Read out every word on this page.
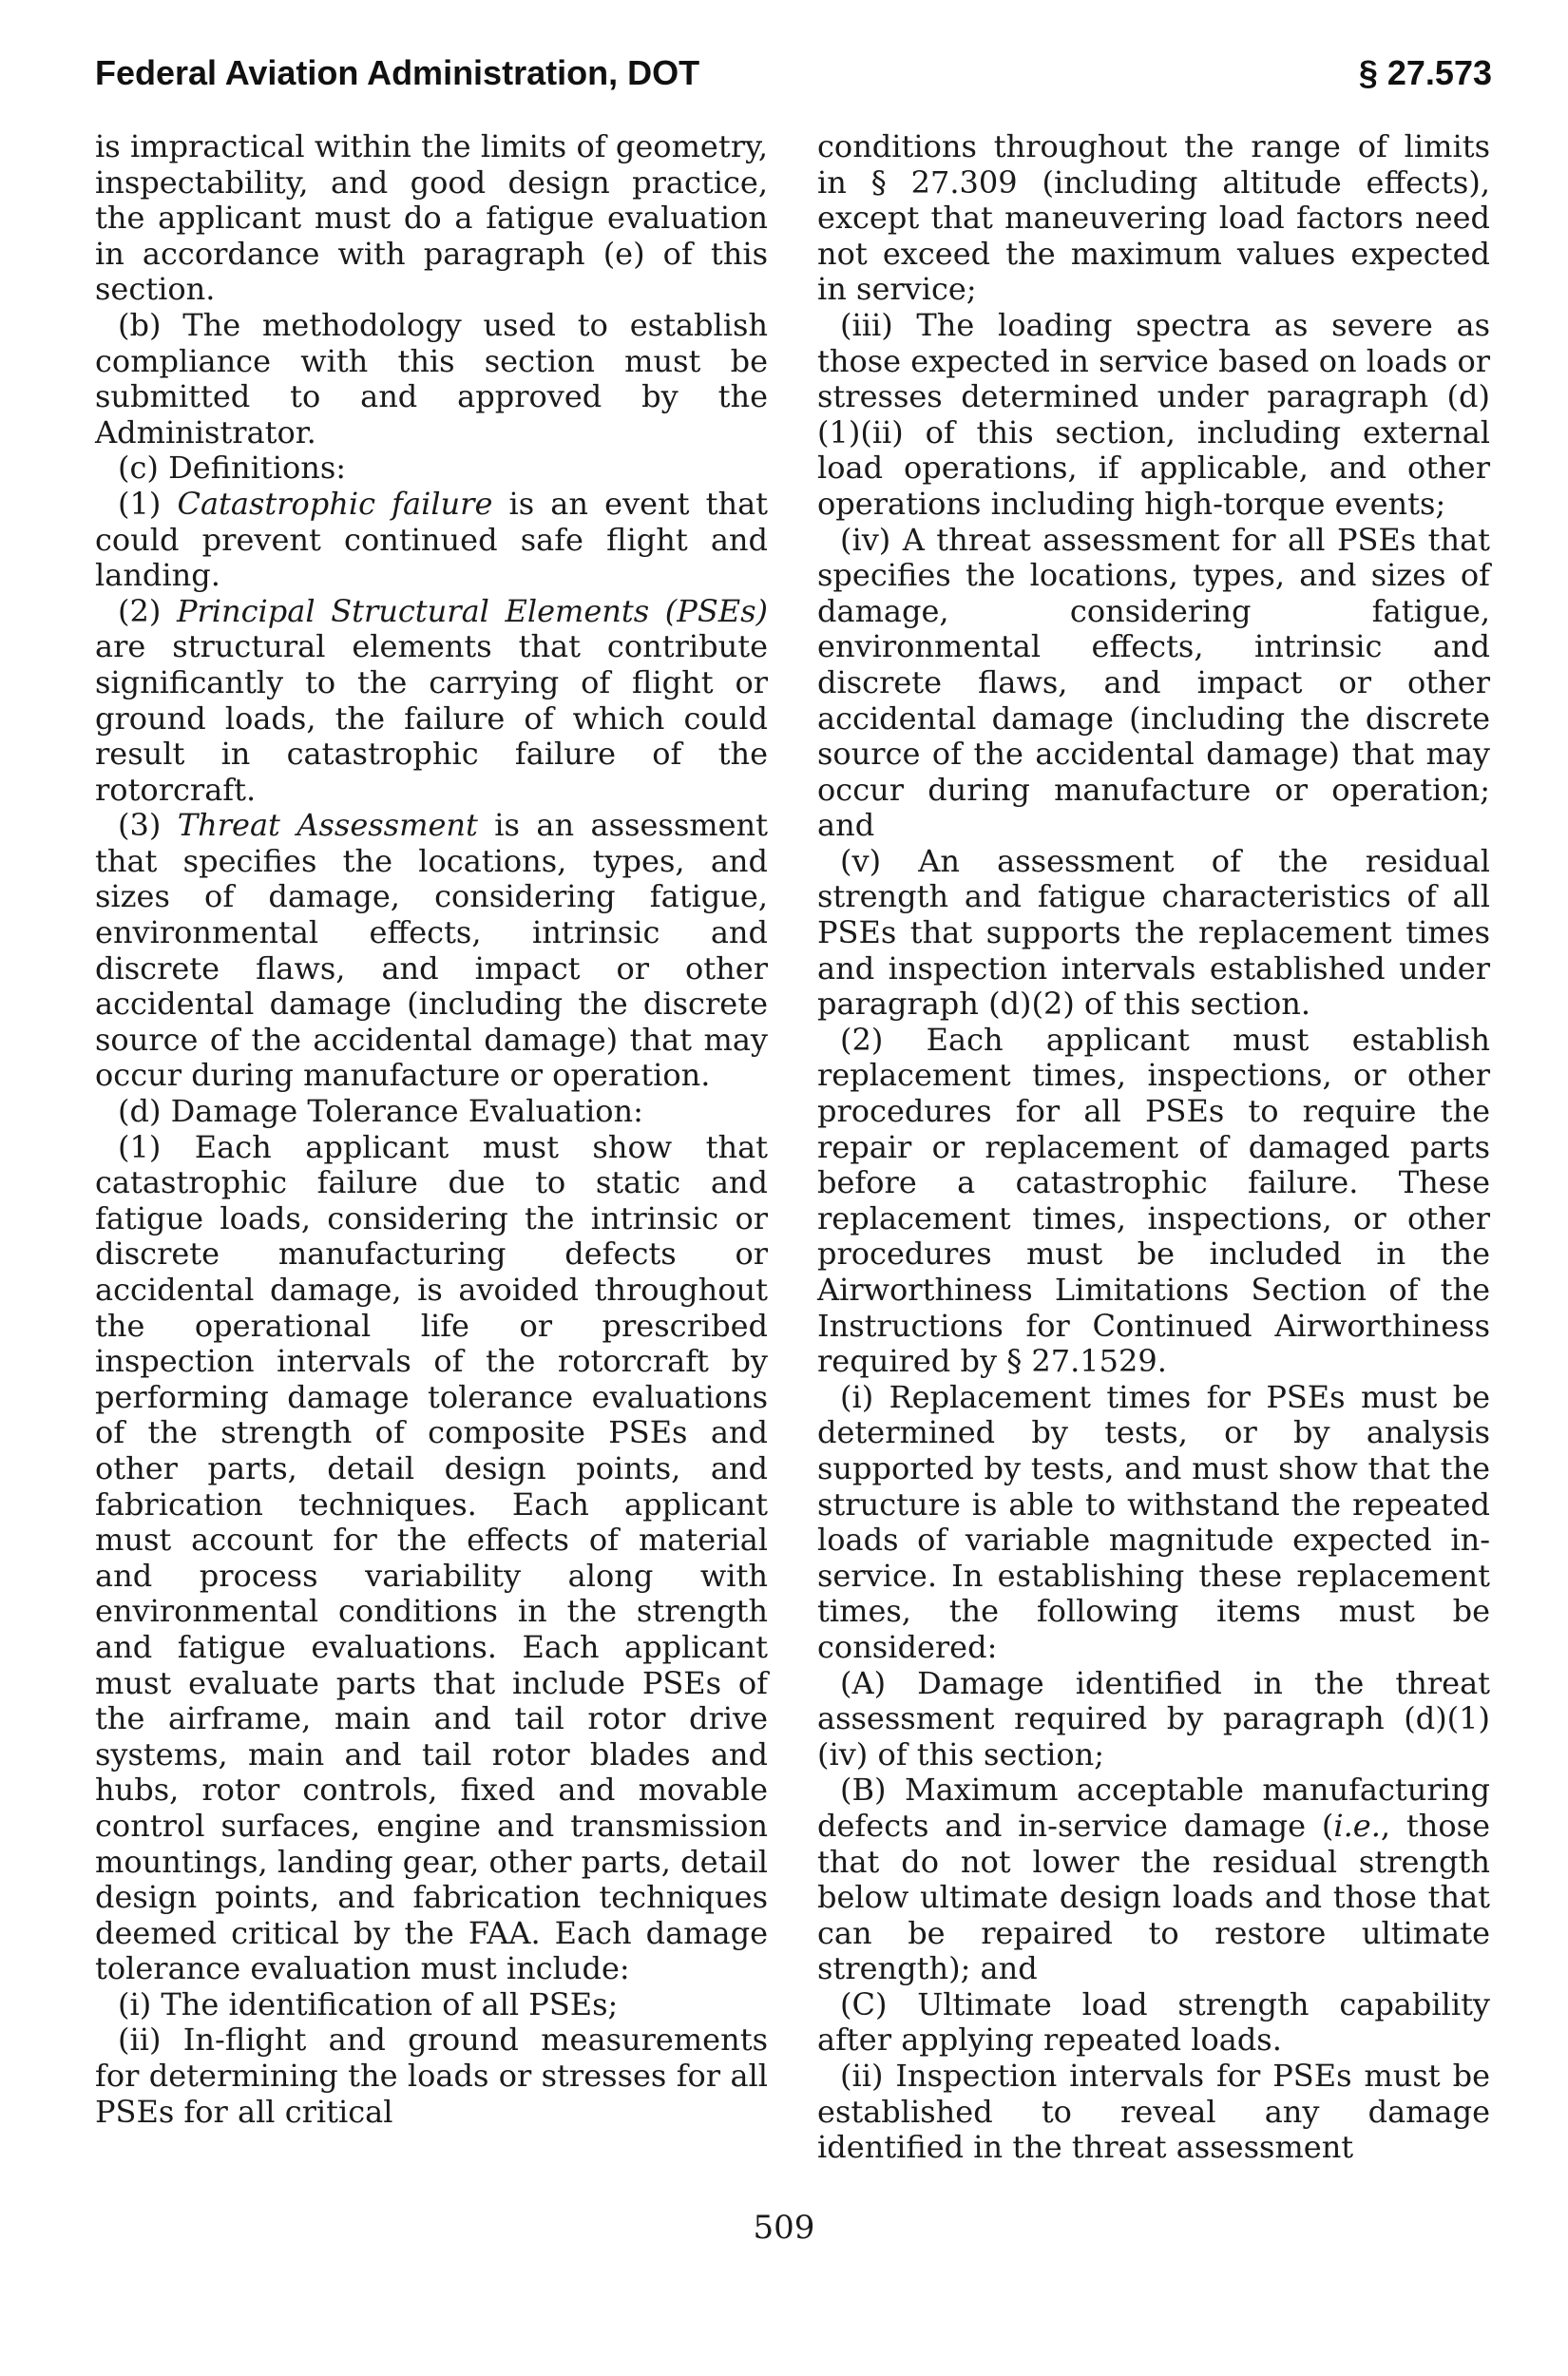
Federal Aviation Administration, DOT	§ 27.573

is impractical within the limits of geometry, inspectability, and good design practice, the applicant must do a fatigue evaluation in accordance with paragraph (e) of this section.

(b) The methodology used to establish compliance with this section must be submitted to and approved by the Administrator.

(c) Definitions:

(1) Catastrophic failure is an event that could prevent continued safe flight and landing.

(2) Principal Structural Elements (PSEs) are structural elements that contribute significantly to the carrying of flight or ground loads, the failure of which could result in catastrophic failure of the rotorcraft.

(3) Threat Assessment is an assessment that specifies the locations, types, and sizes of damage, considering fatigue, environmental effects, intrinsic and discrete flaws, and impact or other accidental damage (including the discrete source of the accidental damage) that may occur during manufacture or operation.

(d) Damage Tolerance Evaluation:

(1) Each applicant must show that catastrophic failure due to static and fatigue loads, considering the intrinsic or discrete manufacturing defects or accidental damage, is avoided throughout the operational life or prescribed inspection intervals of the rotorcraft by performing damage tolerance evaluations of the strength of composite PSEs and other parts, detail design points, and fabrication techniques. Each applicant must account for the effects of material and process variability along with environmental conditions in the strength and fatigue evaluations. Each applicant must evaluate parts that include PSEs of the airframe, main and tail rotor drive systems, main and tail rotor blades and hubs, rotor controls, fixed and movable control surfaces, engine and transmission mountings, landing gear, other parts, detail design points, and fabrication techniques deemed critical by the FAA. Each damage tolerance evaluation must include:

(i) The identification of all PSEs;

(ii) In-flight and ground measurements for determining the loads or stresses for all PSEs for all critical

conditions throughout the range of limits in § 27.309 (including altitude effects), except that maneuvering load factors need not exceed the maximum values expected in service;

(iii) The loading spectra as severe as those expected in service based on loads or stresses determined under paragraph (d)(1)(ii) of this section, including external load operations, if applicable, and other operations including high-torque events;

(iv) A threat assessment for all PSEs that specifies the locations, types, and sizes of damage, considering fatigue, environmental effects, intrinsic and discrete flaws, and impact or other accidental damage (including the discrete source of the accidental damage) that may occur during manufacture or operation; and

(v) An assessment of the residual strength and fatigue characteristics of all PSEs that supports the replacement times and inspection intervals established under paragraph (d)(2) of this section.

(2) Each applicant must establish replacement times, inspections, or other procedures for all PSEs to require the repair or replacement of damaged parts before a catastrophic failure. These replacement times, inspections, or other procedures must be included in the Airworthiness Limitations Section of the Instructions for Continued Airworthiness required by § 27.1529.

(i) Replacement times for PSEs must be determined by tests, or by analysis supported by tests, and must show that the structure is able to withstand the repeated loads of variable magnitude expected in-service. In establishing these replacement times, the following items must be considered:

(A) Damage identified in the threat assessment required by paragraph (d)(1)(iv) of this section;

(B) Maximum acceptable manufacturing defects and in-service damage (i.e., those that do not lower the residual strength below ultimate design loads and those that can be repaired to restore ultimate strength); and

(C) Ultimate load strength capability after applying repeated loads.

(ii) Inspection intervals for PSEs must be established to reveal any damage identified in the threat assessment

509
